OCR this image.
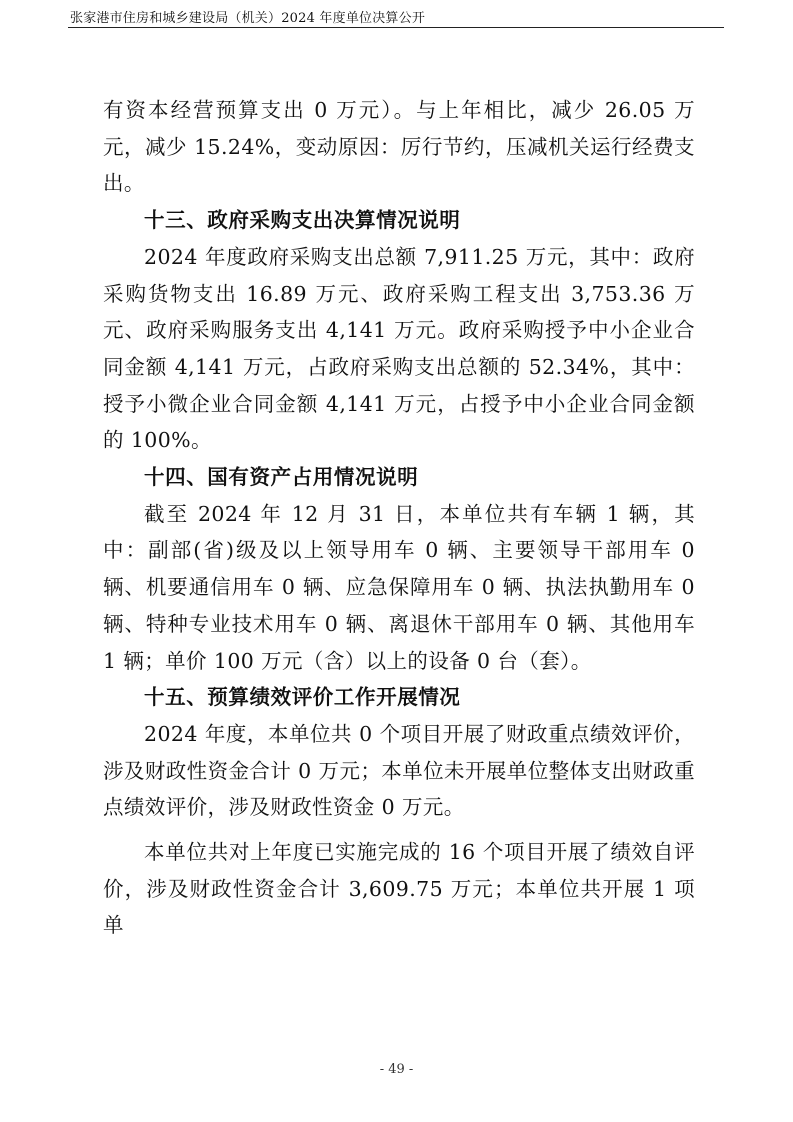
张家港市住房和城乡建设局（机关）2024 年度单位决算公开

有资本经营预算支出 0 万元）。与上年相比，减少 26.05 万元，减少 15.24%，变动原因：厉行节约，压减机关运行经费支出。

十三、政府采购支出决算情况说明

2024 年度政府采购支出总额 7,911.25 万元，其中：政府采购货物支出 16.89 万元、政府采购工程支出 3,753.36 万元、政府采购服务支出 4,141 万元。政府采购授予中小企业合同金额 4,141 万元，占政府采购支出总额的 52.34%，其中：授予小微企业合同金额 4,141 万元，占授予中小企业合同金额的 100%。

十四、国有资产占用情况说明

截至 2024 年 12 月 31 日，本单位共有车辆 1 辆，其中：副部(省)级及以上领导用车 0 辆、主要领导干部用车 0 辆、机要通信用车 0 辆、应急保障用车 0 辆、执法执勤用车 0 辆、特种专业技术用车 0 辆、离退休干部用车 0 辆、其他用车 1 辆；单价 100 万元（含）以上的设备 0 台（套）。

十五、预算绩效评价工作开展情况

2024 年度，本单位共 0 个项目开展了财政重点绩效评价，涉及财政性资金合计 0 万元；本单位未开展单位整体支出财政重点绩效评价，涉及财政性资金 0 万元。

本单位共对上年度已实施完成的 16 个项目开展了绩效自评价，涉及财政性资金合计 3,609.75 万元；本单位共开展 1 项单

- 49 -
